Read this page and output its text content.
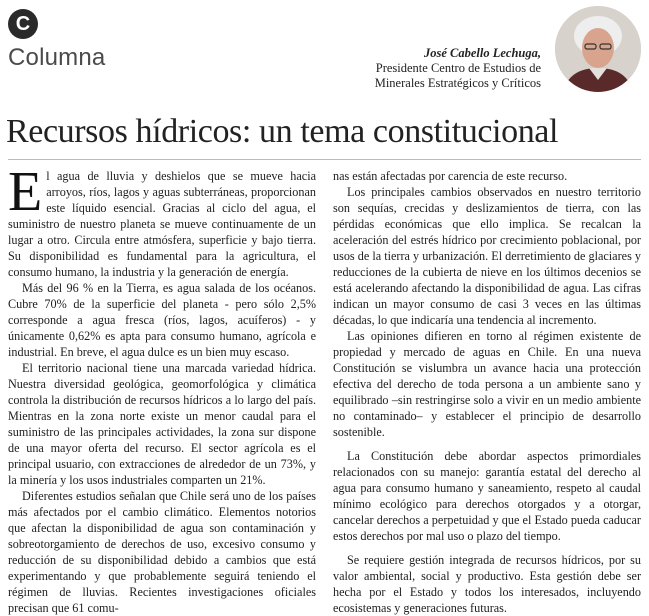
C
Columna	José Cabello Lechuga,
Presidente Centro de Estudios de
Minerales Estratégicos y Críticos
Recursos hídricos: un tema constitucional

El agua de lluvia y deshielos que se mueve hacia arroyos, ríos, lagos y aguas subterráneas, proporcionan este líquido esencial. Gracias al ciclo del agua, el suministro de nuestro planeta se mueve continuamente de un lugar a otro. Circula entre atmósfera, superficie y bajo tierra. Su disponibilidad es fundamental para la agricultura, el consumo humano, la industria y la generación de energía.

Más del 96 % en la Tierra, es agua salada de los océanos. Cubre 70% de la superficie del planeta - pero sólo 2,5% corresponde a agua fresca (ríos, lagos, acuíferos) - y únicamente 0,62% es apta para consumo humano, agrícola e industrial. En breve, el agua dulce es un bien muy escaso.

El territorio nacional tiene una marcada variedad hídrica. Nuestra diversidad geológica, geomorfológica y climática controla la distribución de recursos hídricos a lo largo del país. Mientras en la zona norte existe un menor caudal para el suministro de las principales actividades, la zona sur dispone de una mayor oferta del recurso. El sector agrícola es el principal usuario, con extracciones de alrededor de un 73%, y la minería y los usos industriales comparten un 21%.

Diferentes estudios señalan que Chile será uno de los países más afectados por el cambio climático. Elementos notorios que afectan la disponibilidad de agua son contaminación y sobreotorgamiento de derechos de uso, excesivo consumo y reducción de su disponibilidad debido a cambios que está experimentando y que probablemente seguirá teniendo el régimen de lluvias. Recientes investigaciones oficiales precisan que 61 comu-

nas están afectadas por carencia de este recurso.

Los principales cambios observados en nuestro territorio son sequías, crecidas y deslizamientos de tierra, con las pérdidas económicas que ello implica. Se recalcan la aceleración del estrés hídrico por crecimiento poblacional, por usos de la tierra y urbanización. El derretimiento de glaciares y reducciones de la cubierta de nieve en los últimos decenios se está acelerando afectando la disponibilidad de agua. Las cifras indican un mayor consumo de casi 3 veces en las últimas décadas, lo que indicaría una tendencia al incremento.

Las opiniones difieren en torno al régimen existente de propiedad y mercado de aguas en Chile. En una nueva Constitución se vislumbra un avance hacia una protección efectiva del derecho de toda persona a un ambiente sano y equilibrado –sin restringirse solo a vivir en un medio ambiente no contaminado– y establecer el principio de desarrollo sostenible.

La Constitución debe abordar aspectos primordiales relacionados con su manejo: garantía estatal del derecho al agua para consumo humano y saneamiento, respeto al caudal mínimo ecológico para derechos otorgados y a otorgar, cancelar derechos a perpetuidad y que el Estado pueda caducar estos derechos por mal uso o plazo del tiempo.

Se requiere gestión integrada de recursos hídricos, por su valor ambiental, social y productivo. Esta gestión debe ser hecha por el Estado y todos los interesados, incluyendo ecosistemas y generaciones futuras.
